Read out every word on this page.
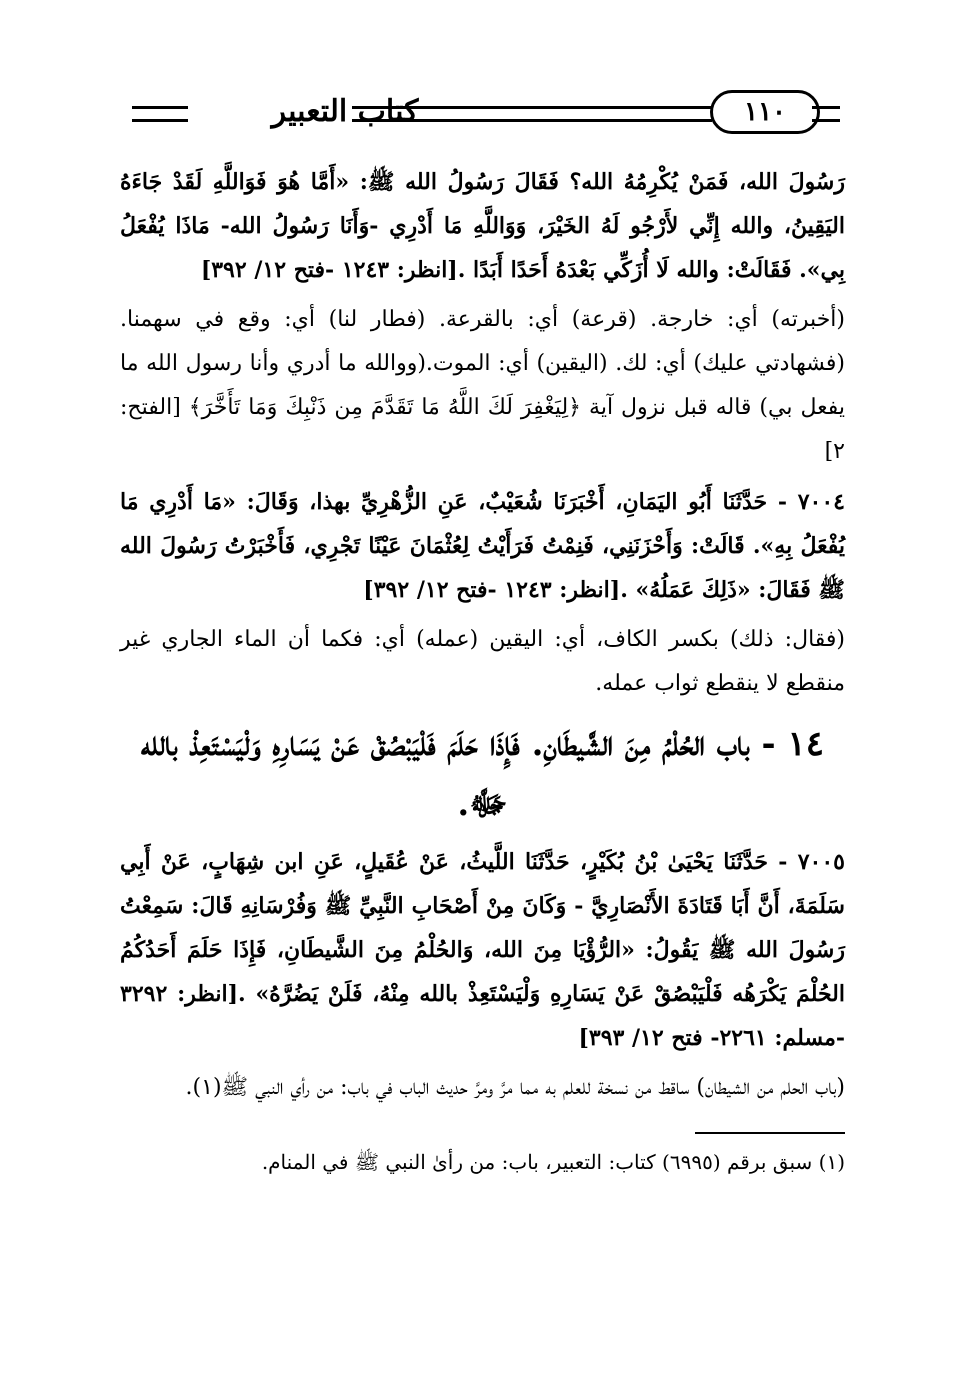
كتاب التعبير	١١٠

رَسُولَ الله، فَمَنْ يُكْرِمُهُ الله؟ فَقَالَ رَسُولُ الله ﷺ: «أَمَّا هُوَ فَوَاللَّهِ لَقَدْ جَاءَهُ اليَقِينُ، والله إِنِّي لأَرْجُو لَهُ الخَيْرَ، وَوَاللَّهِ مَا أَدْرِي -وَأَنَا رَسُولُ الله- مَاذَا يُفْعَلُ بِي». فَقَالَتْ: والله لَا أُزَكِّي بَعْدَهُ أَحَدًا أَبَدًا .[انظر: ١٢٤٣ -فتح ١٢/ ٣٩٢]

(أخبرته) أي: خارجة. (قرعة) أي: بالقرعة. (فطار لنا) أي: وقع في سهمنا. (فشهادتي عليك) أي: لك. (اليقين) أي: الموت.(ووالله ما أدري وأنا رسول الله ما يفعل بي) قاله قبل نزول آية ﴿لِيَغْفِرَ لَكَ اللَّهُ مَا تَقَدَّمَ مِن ذَنْبِكَ وَمَا تَأَخَّرَ﴾ [الفتح: ٢]

٧٠٠٤ - حَدَّثَنَا أَبُو اليَمَانِ، أَخْبَرَنَا شُعَيْبٌ، عَنِ الزُّهْرِيِّ بهذا، وَقَالَ: «مَا أَدْرِي مَا يُفْعَلُ بِهِ». قَالَتْ: وَأَحْزَنَنِي، فَنِمْتُ فَرَأَيْتُ لِعُثْمَانَ عَيْنًا تَجْرِي، فَأَخْبَرْتُ رَسُولَ الله ﷺ فَقَالَ: «ذَلِكَ عَمَلُهُ» .[انظر: ١٢٤٣ -فتح ١٢/ ٣٩٢]

(فقال: ذلك) بكسر الكاف، أي: اليقين (عمله) أي: فكما أن الماء الجاري غير منقطع لا ينقطع ثواب عمله.

١٤ - باب الحُلْمُ مِنَ الشَّيطَانِ. فَإِذَا حَلَمَ فَلْيَبْصُقْ عَنْ يَسَارِهِ وَلْيَسْتَعِذْ بالله ﷻ.

٧٠٠٥ - حَدَّثَنَا يَحْيَىٰ بْنُ بُكَيْرٍ، حَدَّثَنَا اللَّيثُ، عَنْ عُقَيلٍ، عَنِ ابن شِهَابٍ، عَنْ أَبِي سَلَمَةَ، أَنَّ أَبَا قَتَادَةَ الأَنْصَارِيَّ - وَكَانَ مِنْ أَصْحَابِ النَّبِيِّ ﷺ وَفُرْسَانِهِ قَالَ: سَمِعْتُ رَسُولَ الله ﷺ يَقُولُ: «الرُّؤْيَا مِنَ الله، وَالحُلْمُ مِنَ الشَّيطَانِ، فَإِذَا حَلَمَ أَحَدُكُمُ الحُلْمَ يَكْرَهُه فَلْيَبْصُقْ عَنْ يَسَارِهِ وَلْيَسْتَعِذْ بالله مِنْهُ، فَلَنْ يَضُرَّهُ» .[انظر: ٣٢٩٢ -مسلم: ٢٢٦١- فتح ١٢/ ٣٩٣]

(باب الحلم من الشيطان) ساقط من نسخة للعلم به مما مرَّ ومرَّ حديث الباب في باب: من رأي النبي ﷺ(١).

(١) سبق برقم (٦٩٩٥) كتاب: التعبير، باب: من رأىٰ النبي ﷺ في المنام.
